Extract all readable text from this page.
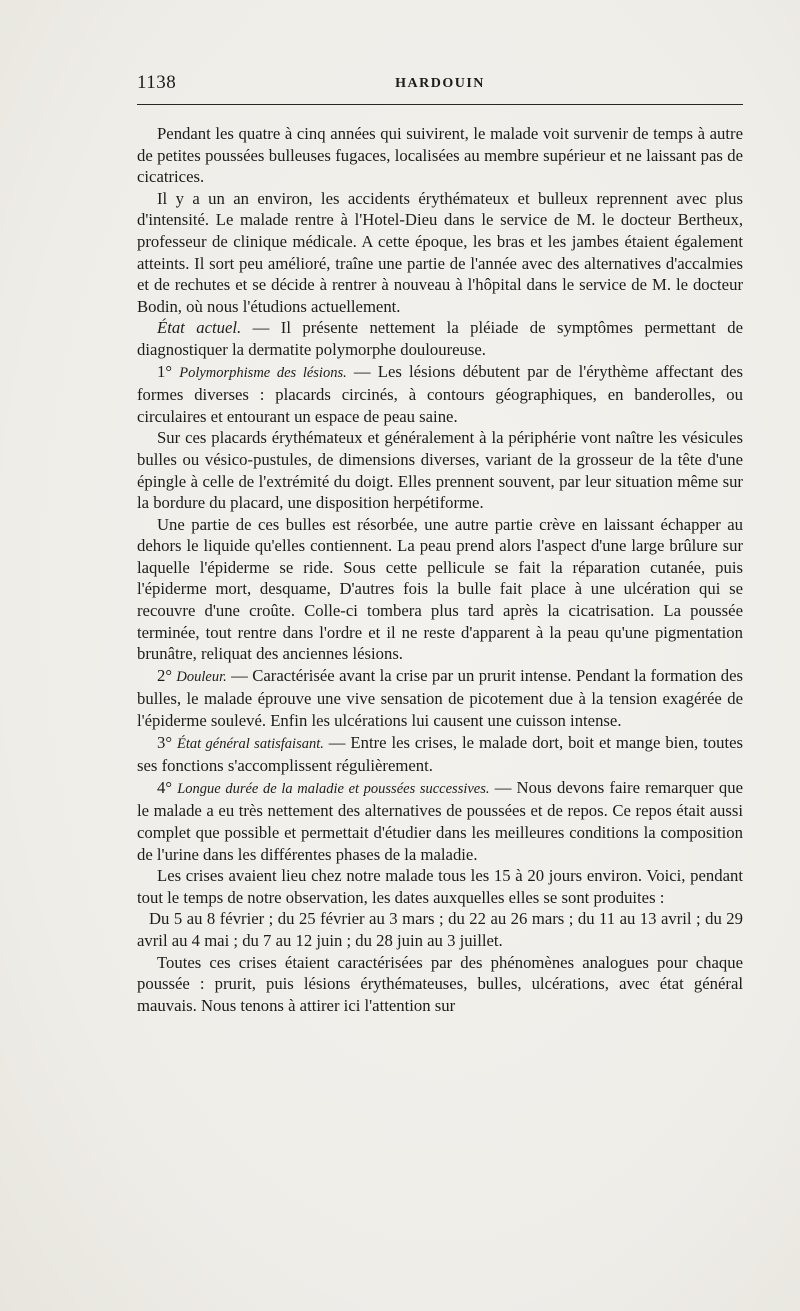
1138	HARDOUIN

Pendant les quatre à cinq années qui suivirent, le malade voit survenir de temps à autre de petites poussées bulleuses fugaces, localisées au membre supérieur et ne laissant pas de cicatrices.

Il y a un an environ, les accidents érythémateux et bulleux reprennent avec plus d'intensité. Le malade rentre à l'Hotel-Dieu dans le service de M. le docteur Bertheux, professeur de clinique médicale. A cette époque, les bras et les jambes étaient également atteints. Il sort peu amélioré, traîne une partie de l'année avec des alternatives d'accalmies et de rechutes et se décide à rentrer à nouveau à l'hôpital dans le service de M. le docteur Bodin, où nous l'étudions actuellement.

État actuel. — Il présente nettement la pléiade de symptômes permettant de diagnostiquer la dermatite polymorphe douloureuse.

1° Polymorphisme des lésions. — Les lésions débutent par de l'érythème affectant des formes diverses : placards circinés, à contours géographiques, en banderolles, ou circulaires et entourant un espace de peau saine.

Sur ces placards érythémateux et généralement à la périphérie vont naître les vésicules bulles ou vésico-pustules, de dimensions diverses, variant de la grosseur de la tête d'une épingle à celle de l'extrémité du doigt. Elles prennent souvent, par leur situation même sur la bordure du placard, une disposition herpétiforme.

Une partie de ces bulles est résorbée, une autre partie crève en laissant échapper au dehors le liquide qu'elles contiennent. La peau prend alors l'aspect d'une large brûlure sur laquelle l'épiderme se ride. Sous cette pellicule se fait la réparation cutanée, puis l'épiderme mort, desquame, D'autres fois la bulle fait place à une ulcération qui se recouvre d'une croûte. Colle-ci tombera plus tard après la cicatrisation. La poussée terminée, tout rentre dans l'ordre et il ne reste d'apparent à la peau qu'une pigmentation brunâtre, reliquat des anciennes lésions.

2° Douleur. — Caractérisée avant la crise par un prurit intense. Pendant la formation des bulles, le malade éprouve une vive sensation de picotement due à la tension exagérée de l'épiderme soulevé. Enfin les ulcérations lui causent une cuisson intense.

3° État général satisfaisant. — Entre les crises, le malade dort, boit et mange bien, toutes ses fonctions s'accomplissent régulièrement.

4° Longue durée de la maladie et poussées successives. — Nous devons faire remarquer que le malade a eu très nettement des alternatives de poussées et de repos. Ce repos était aussi complet que possible et permettait d'étudier dans les meilleures conditions la composition de l'urine dans les différentes phases de la maladie.

Les crises avaient lieu chez notre malade tous les 15 à 20 jours environ. Voici, pendant tout le temps de notre observation, les dates auxquelles elles se sont produites :

Du 5 au 8 février ; du 25 février au 3 mars ; du 22 au 26 mars ; du 11 au 13 avril ; du 29 avril au 4 mai ; du 7 au 12 juin ; du 28 juin au 3 juillet.

Toutes ces crises étaient caractérisées par des phénomènes analogues pour chaque poussée : prurit, puis lésions érythémateuses, bulles, ulcérations, avec état général mauvais. Nous tenons à attirer ici l'attention sur
